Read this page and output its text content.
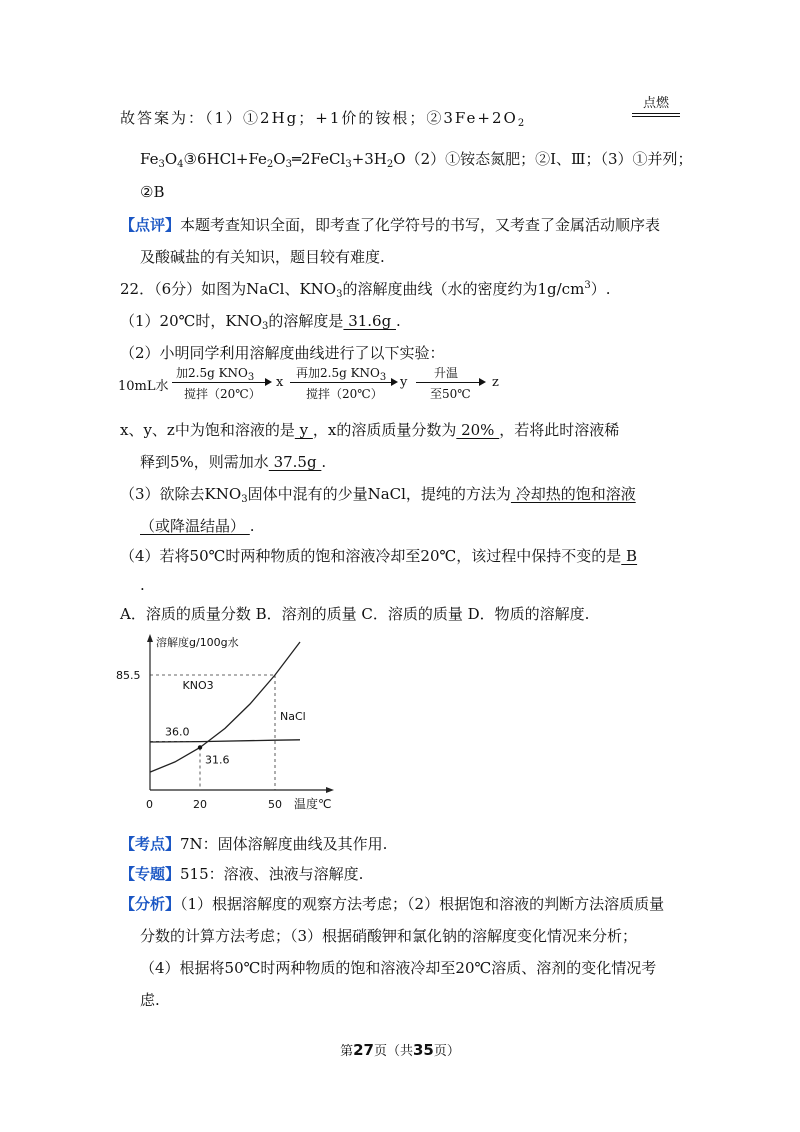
故答案为：（1）①2Hg；+1价的铵根；$②3Fe+2O_2$
点燃
$Fe_3O_4③6HCl+Fe_2O_3═2FeCl_3+3H_2O(2)①$铵态氮肥；②Ⅰ、Ⅲ；（3）①并列；
②B
【点评】本题考查知识全面，即考查了化学符号的书写，又考查了金属活动顺序表
及酸碱盐的有关知识，题目较有难度.
22．（6分）如图为NaCl、$KNO_3$的溶解度曲线（水的密度约为$1g/cm^3$）.
（1）20℃时，$KNO_3$的溶解度是 31.6g .
（2）小明同学利用溶解度曲线进行了以下实验：
10mL水
加2.5g $KNO_3$
搅拌（20℃）
x
再加2.5g $KNO_3$
搅拌（20℃）
y
升温
至50℃
z
x、y、z中为饱和溶液的是 y ，x的溶质质量分数为 20% ，若将此时溶液稀
释到5%，则需加水 37.5g .
（3）欲除去$KNO_3$固体中混有的少量NaCl，提纯的方法为 冷却热的饱和溶液
（或降温结晶） .
（4）若将50℃时两种物质的饱和溶液冷却至20℃，该过程中保持不变的是 B
.
A．溶质的质量分数 B．溶剂的质量 C．溶质的质量 D．物质的溶解度.
溶解度g/100g水
温度℃
0	20	50
85.5
KNO3
NaCl
36.0
31.6
【考点】7N：固体溶解度曲线及其作用.
【专题】515：溶液、浊液与溶解度.
【分析】（1）根据溶解度的观察方法考虑；（2）根据饱和溶液的判断方法溶质质量
分数的计算方法考虑；（3）根据硝酸钾和氯化钠的溶解度变化情况来分析；
（4）根据将50℃时两种物质的饱和溶液冷却至20℃溶质、溶剂的变化情况考
虑.
第27页（共35页）
